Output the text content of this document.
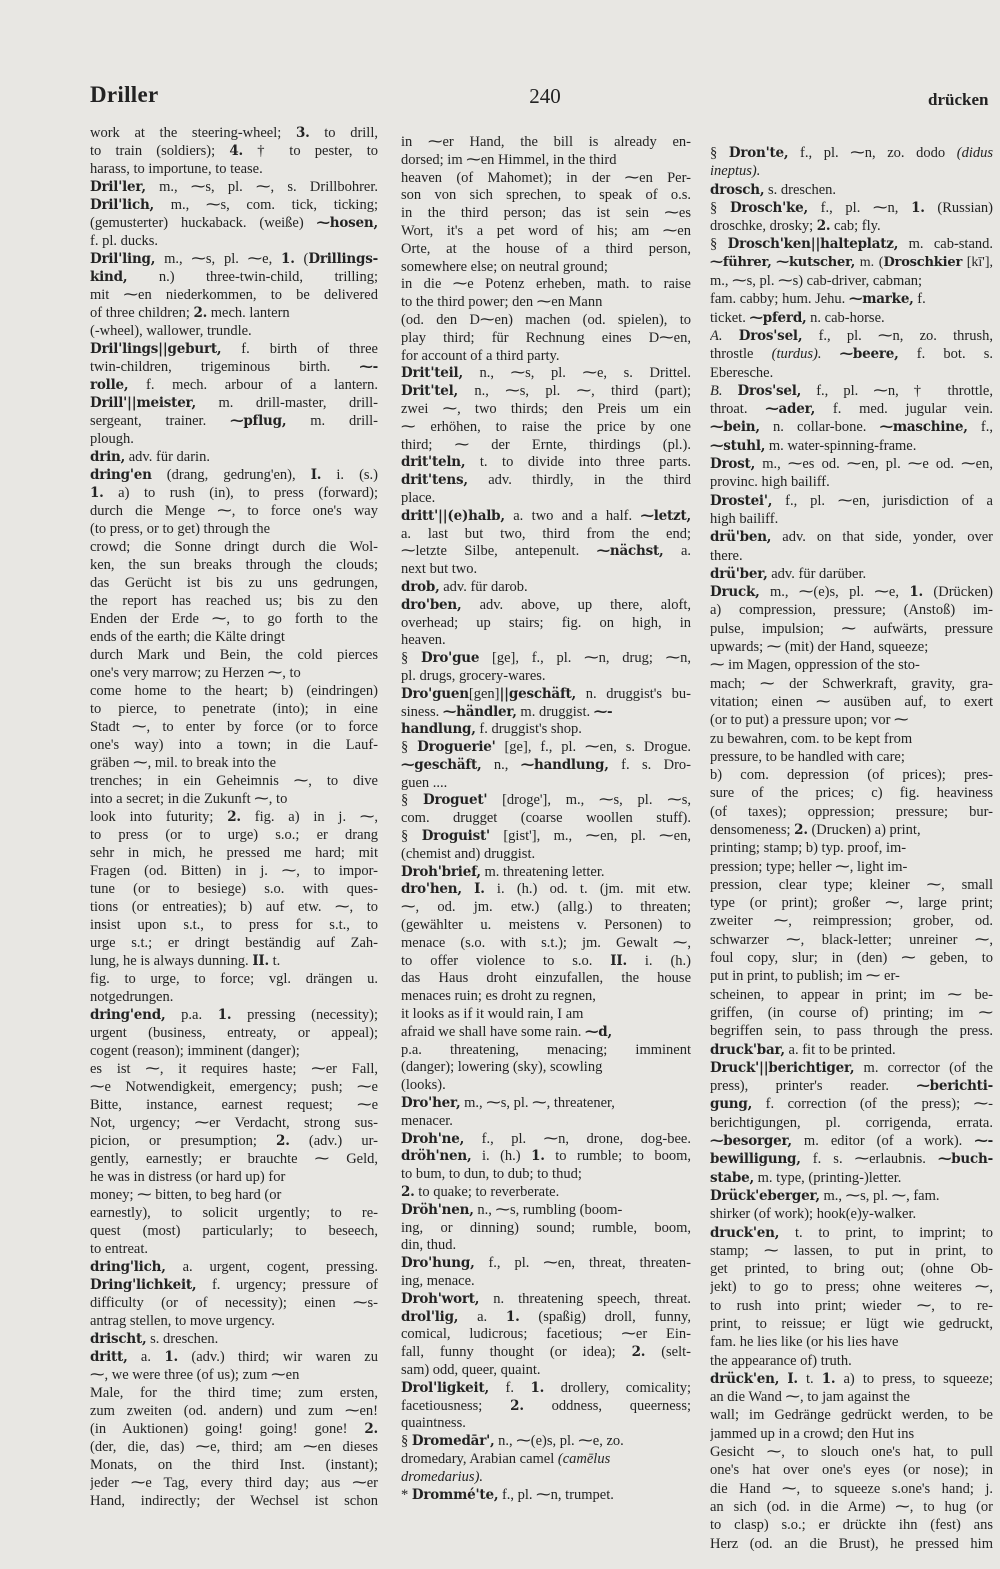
Driller	240	drücken
work at the steering-wheel; 3. to drill,
to train (soldiers); 4. † to pester, to
harass, to importune, to tease.
Dril'ler, m., ⁓s, pl. ⁓, s. Drillbohrer.
Dril'lich, m., ⁓s, com. tick, ticking;
(gemusterter) huckaback. (weiße) ⁓hosen,
f. pl. ducks.
Dril'ling, m., ⁓s, pl. ⁓e, 1. (Drillings-
kind, n.) three-twin-child, trilling;
mit ⁓en niederkommen, to be delivered
of three children; 2. mech. lantern
(-wheel), wallower, trundle.
Dril'lings||geburt, f. birth of three
twin-children, trigeminous birth. ⁓-
rolle, f. mech. arbour of a lantern.
Drill'||meister, m. drill-master, drill-
sergeant, trainer. ⁓pflug, m. drill-
plough.
drin, adv. für darin.
dring'en (drang, gedrung'en), I. i. (s.)
1. a) to rush (in), to press (forward);
durch die Menge ⁓, to force one's way
(to press, or to get) through the
crowd; die Sonne dringt durch die Wol-
ken, the sun breaks through the clouds;
das Gerücht ist bis zu uns gedrungen,
the report has reached us; bis zu den
Enden der Erde ⁓, to go forth to the
ends of the earth; die Kälte dringt
durch Mark und Bein, the cold pierces
one's very marrow; zu Herzen ⁓, to
come home to the heart; b) (eindringen)
to pierce, to penetrate (into); in eine
Stadt ⁓, to enter by force (or to force
one's way) into a town; in die Lauf-
gräben ⁓, mil. to break into the
trenches; in ein Geheimnis ⁓, to dive
into a secret; in die Zukunft ⁓, to
look into futurity; 2. fig. a) in j. ⁓,
to press (or to urge) s.o.; er drang
sehr in mich, he pressed me hard; mit
Fragen (od. Bitten) in j. ⁓, to impor-
tune (or to besiege) s.o. with ques-
tions (or entreaties); b) auf etw. ⁓, to
insist upon s.t., to press for s.t., to
urge s.t.; er dringt beständig auf Zah-
lung, he is always dunning. II. t.
fig. to urge, to force; vgl. drängen u.
notgedrungen.
dring'end, p.a. 1. pressing (necessity);
urgent (business, entreaty, or appeal);
cogent (reason); imminent (danger);
es ist ⁓, it requires haste; ⁓er Fall,
⁓e Notwendigkeit, emergency; push; ⁓e
Bitte, instance, earnest request; ⁓e
Not, urgency; ⁓er Verdacht, strong sus-
picion, or presumption; 2. (adv.) ur-
gently, earnestly; er brauchte ⁓ Geld,
he was in distress (or hard up) for
money; ⁓ bitten, to beg hard (or
earnestly), to solicit urgently; to re-
quest (most) particularly; to beseech,
to entreat.
dring'lich, a. urgent, cogent, pressing.
Dring'lichkeit, f. urgency; pressure of
difficulty (or of necessity); einen ⁓s-
antrag stellen, to move urgency.
drischt, s. dreschen.
dritt, a. 1. (adv.) third; wir waren zu
⁓, we were three (of us); zum ⁓en
Male, for the third time; zum ersten,
zum zweiten (od. andern) und zum ⁓en!
(in Auktionen) going! going! gone! 2.
(der, die, das) ⁓e, third; am ⁓en dieses
Monats, on the third Inst. (instant);
jeder ⁓e Tag, every third day; aus ⁓er
Hand, indirectly; der Wechsel ist schon
in ⁓er Hand, the bill is already en-
dorsed; im ⁓en Himmel, in the third
heaven (of Mahomet); in der ⁓en Per-
son von sich sprechen, to speak of o.s.
in the third person; das ist sein ⁓es
Wort, it's a pet word of his; am ⁓en
Orte, at the house of a third person,
somewhere else; on neutral ground;
in die ⁓e Potenz erheben, math. to raise
to the third power; den ⁓en Mann
(od. den D⁓en) machen (od. spielen), to
play third; für Rechnung eines D⁓en,
for account of a third party.
Drit'teil, n., ⁓s, pl. ⁓e, s. Drittel.
Drit'tel, n., ⁓s, pl. ⁓, third (part);
zwei ⁓, two thirds; den Preis um ein
⁓ erhöhen, to raise the price by one
third; ⁓ der Ernte, thirdings (pl.).
drit'teln, t. to divide into three parts.
drit'tens, adv. thirdly, in the third
place.
dritt'||(e)halb, a. two and a half. ⁓letzt,
a. last but two, third from the end;
⁓letzte Silbe, antepenult. ⁓nächst, a.
next but two.
drob, adv. für darob.
dro'ben, adv. above, up there, aloft,
overhead; up stairs; fig. on high, in
heaven.
§ Dro'gue [ge], f., pl. ⁓n, drug; ⁓n,
pl. drugs, grocery-wares.
Dro'guen[gen]||geschäft, n. druggist's bu-
siness. ⁓händler, m. druggist. ⁓-
handlung, f. druggist's shop.
§ Droguerie' [ge], f., pl. ⁓en, s. Drogue.
⁓geschäft, n., ⁓handlung, f. s. Dro-
guen ....
§ Droguet' [droge'], m., ⁓s, pl. ⁓s,
com. drugget (coarse woollen stuff).
§ Droguist' [gist'], m., ⁓en, pl. ⁓en,
(chemist and) druggist.
Droh'brief, m. threatening letter.
dro'hen, I. i. (h.) od. t. (jm. mit etw.
⁓, od. jm. etw.) (allg.) to threaten;
(gewählter u. meistens v. Personen) to
menace (s.o. with s.t.); jm. Gewalt ⁓,
to offer violence to s.o. II. i. (h.)
das Haus droht einzufallen, the house
menaces ruin; es droht zu regnen,
it looks as if it would rain, I am
afraid we shall have some rain. ⁓d,
p.a. threatening, menacing; imminent
(danger); lowering (sky), scowling
(looks).
Dro'her, m., ⁓s, pl. ⁓, threatener,
menacer.
Droh'ne, f., pl. ⁓n, drone, dog-bee.
dröh'nen, i. (h.) 1. to rumble; to boom,
to bum, to dun, to dub; to thud;
2. to quake; to reverberate.
Dröh'nen, n., ⁓s, rumbling (boom-
ing, or dinning) sound; rumble, boom,
din, thud.
Dro'hung, f., pl. ⁓en, threat, threaten-
ing, menace.
Droh'wort, n. threatening speech, threat.
drol'lig, a. 1. (spaßig) droll, funny,
comical, ludicrous; facetious; ⁓er Ein-
fall, funny thought (or idea); 2. (selt-
sam) odd, queer, quaint.
Drol'ligkeit, f. 1. drollery, comicality;
facetiousness; 2. oddness, queerness;
quaintness.
§ Dromedār', n., ⁓(e)s, pl. ⁓e, zo.
dromedary, Arabian camel (camēlus
dromedarius).
* Drommé'te, f., pl. ⁓n, trumpet.
§ Dron'te, f., pl. ⁓n, zo. dodo (didus
ineptus).
drosch, s. dreschen.
§ Drosch'ke, f., pl. ⁓n, 1. (Russian)
droschke, drosky; 2. cab; fly.
§ Drosch'ken||halteplatz, m. cab-stand.
⁓führer, ⁓kutscher, m. (Droschkier [kī'],
m., ⁓s, pl. ⁓s) cab-driver, cabman;
fam. cabby; hum. Jehu. ⁓marke, f.
ticket. ⁓pferd, n. cab-horse.
A. Dros'sel, f., pl. ⁓n, zo. thrush,
throstle (turdus). ⁓beere, f. bot. s.
Eberesche.
B. Dros'sel, f., pl. ⁓n, † throttle,
throat. ⁓ader, f. med. jugular vein.
⁓bein, n. collar-bone. ⁓maschine, f.,
⁓stuhl, m. water-spinning-frame.
Drost, m., ⁓es od. ⁓en, pl. ⁓e od. ⁓en,
provinc. high bailiff.
Drostei', f., pl. ⁓en, jurisdiction of a
high bailiff.
drü'ben, adv. on that side, yonder, over
there.
drü'ber, adv. für darüber.
Druck, m., ⁓(e)s, pl. ⁓e, 1. (Drücken)
a) compression, pressure; (Anstoß) im-
pulse, impulsion; ⁓ aufwärts, pressure
upwards; ⁓ (mit) der Hand, squeeze;
⁓ im Magen, oppression of the sto-
mach; ⁓ der Schwerkraft, gravity, gra-
vitation; einen ⁓ ausüben auf, to exert
(or to put) a pressure upon; vor ⁓
zu bewahren, com. to be kept from
pressure, to be handled with care;
b) com. depression (of prices); pres-
sure of the prices; c) fig. heaviness
(of taxes); oppression; pressure; bur-
densomeness; 2. (Drucken) a) print,
printing; stamp; b) typ. proof, im-
pression; type; heller ⁓, light im-
pression, clear type; kleiner ⁓, small
type (or print); großer ⁓, large print;
zweiter ⁓, reimpression; grober, od.
schwarzer ⁓, black-letter; unreiner ⁓,
foul copy, slur; in (den) ⁓ geben, to
put in print, to publish; im ⁓ er-
scheinen, to appear in print; im ⁓ be-
griffen, (in course of) printing; im ⁓
begriffen sein, to pass through the press.
druck'bar, a. fit to be printed.
Druck'||berichtiger, m. corrector (of the
press), printer's reader. ⁓berichti-
gung, f. correction (of the press); ⁓-
berichtigungen, pl. corrigenda, errata.
⁓besorger, m. editor (of a work). ⁓-
bewilligung, f. s. ⁓erlaubnis. ⁓buch-
stabe, m. type, (printing-)letter.
Drück'eberger, m., ⁓s, pl. ⁓, fam.
shirker (of work); hook(e)y-walker.
druck'en, t. to print, to imprint; to
stamp; ⁓ lassen, to put in print, to
get printed, to bring out; (ohne Ob-
jekt) to go to press; ohne weiteres ⁓,
to rush into print; wieder ⁓, to re-
print, to reissue; er lügt wie gedruckt,
fam. he lies like (or his lies have
the appearance of) truth.
drück'en, I. t. 1. a) to press, to squeeze;
an die Wand ⁓, to jam against the
wall; im Gedränge gedrückt werden, to be
jammed up in a crowd; den Hut ins
Gesicht ⁓, to slouch one's hat, to pull
one's hat over one's eyes (or nose); in
die Hand ⁓, to squeeze s.one's hand; j.
an sich (od. in die Arme) ⁓, to hug (or
to clasp) s.o.; er drückte ihn (fest) ans
Herz (od. an die Brust), he pressed him
